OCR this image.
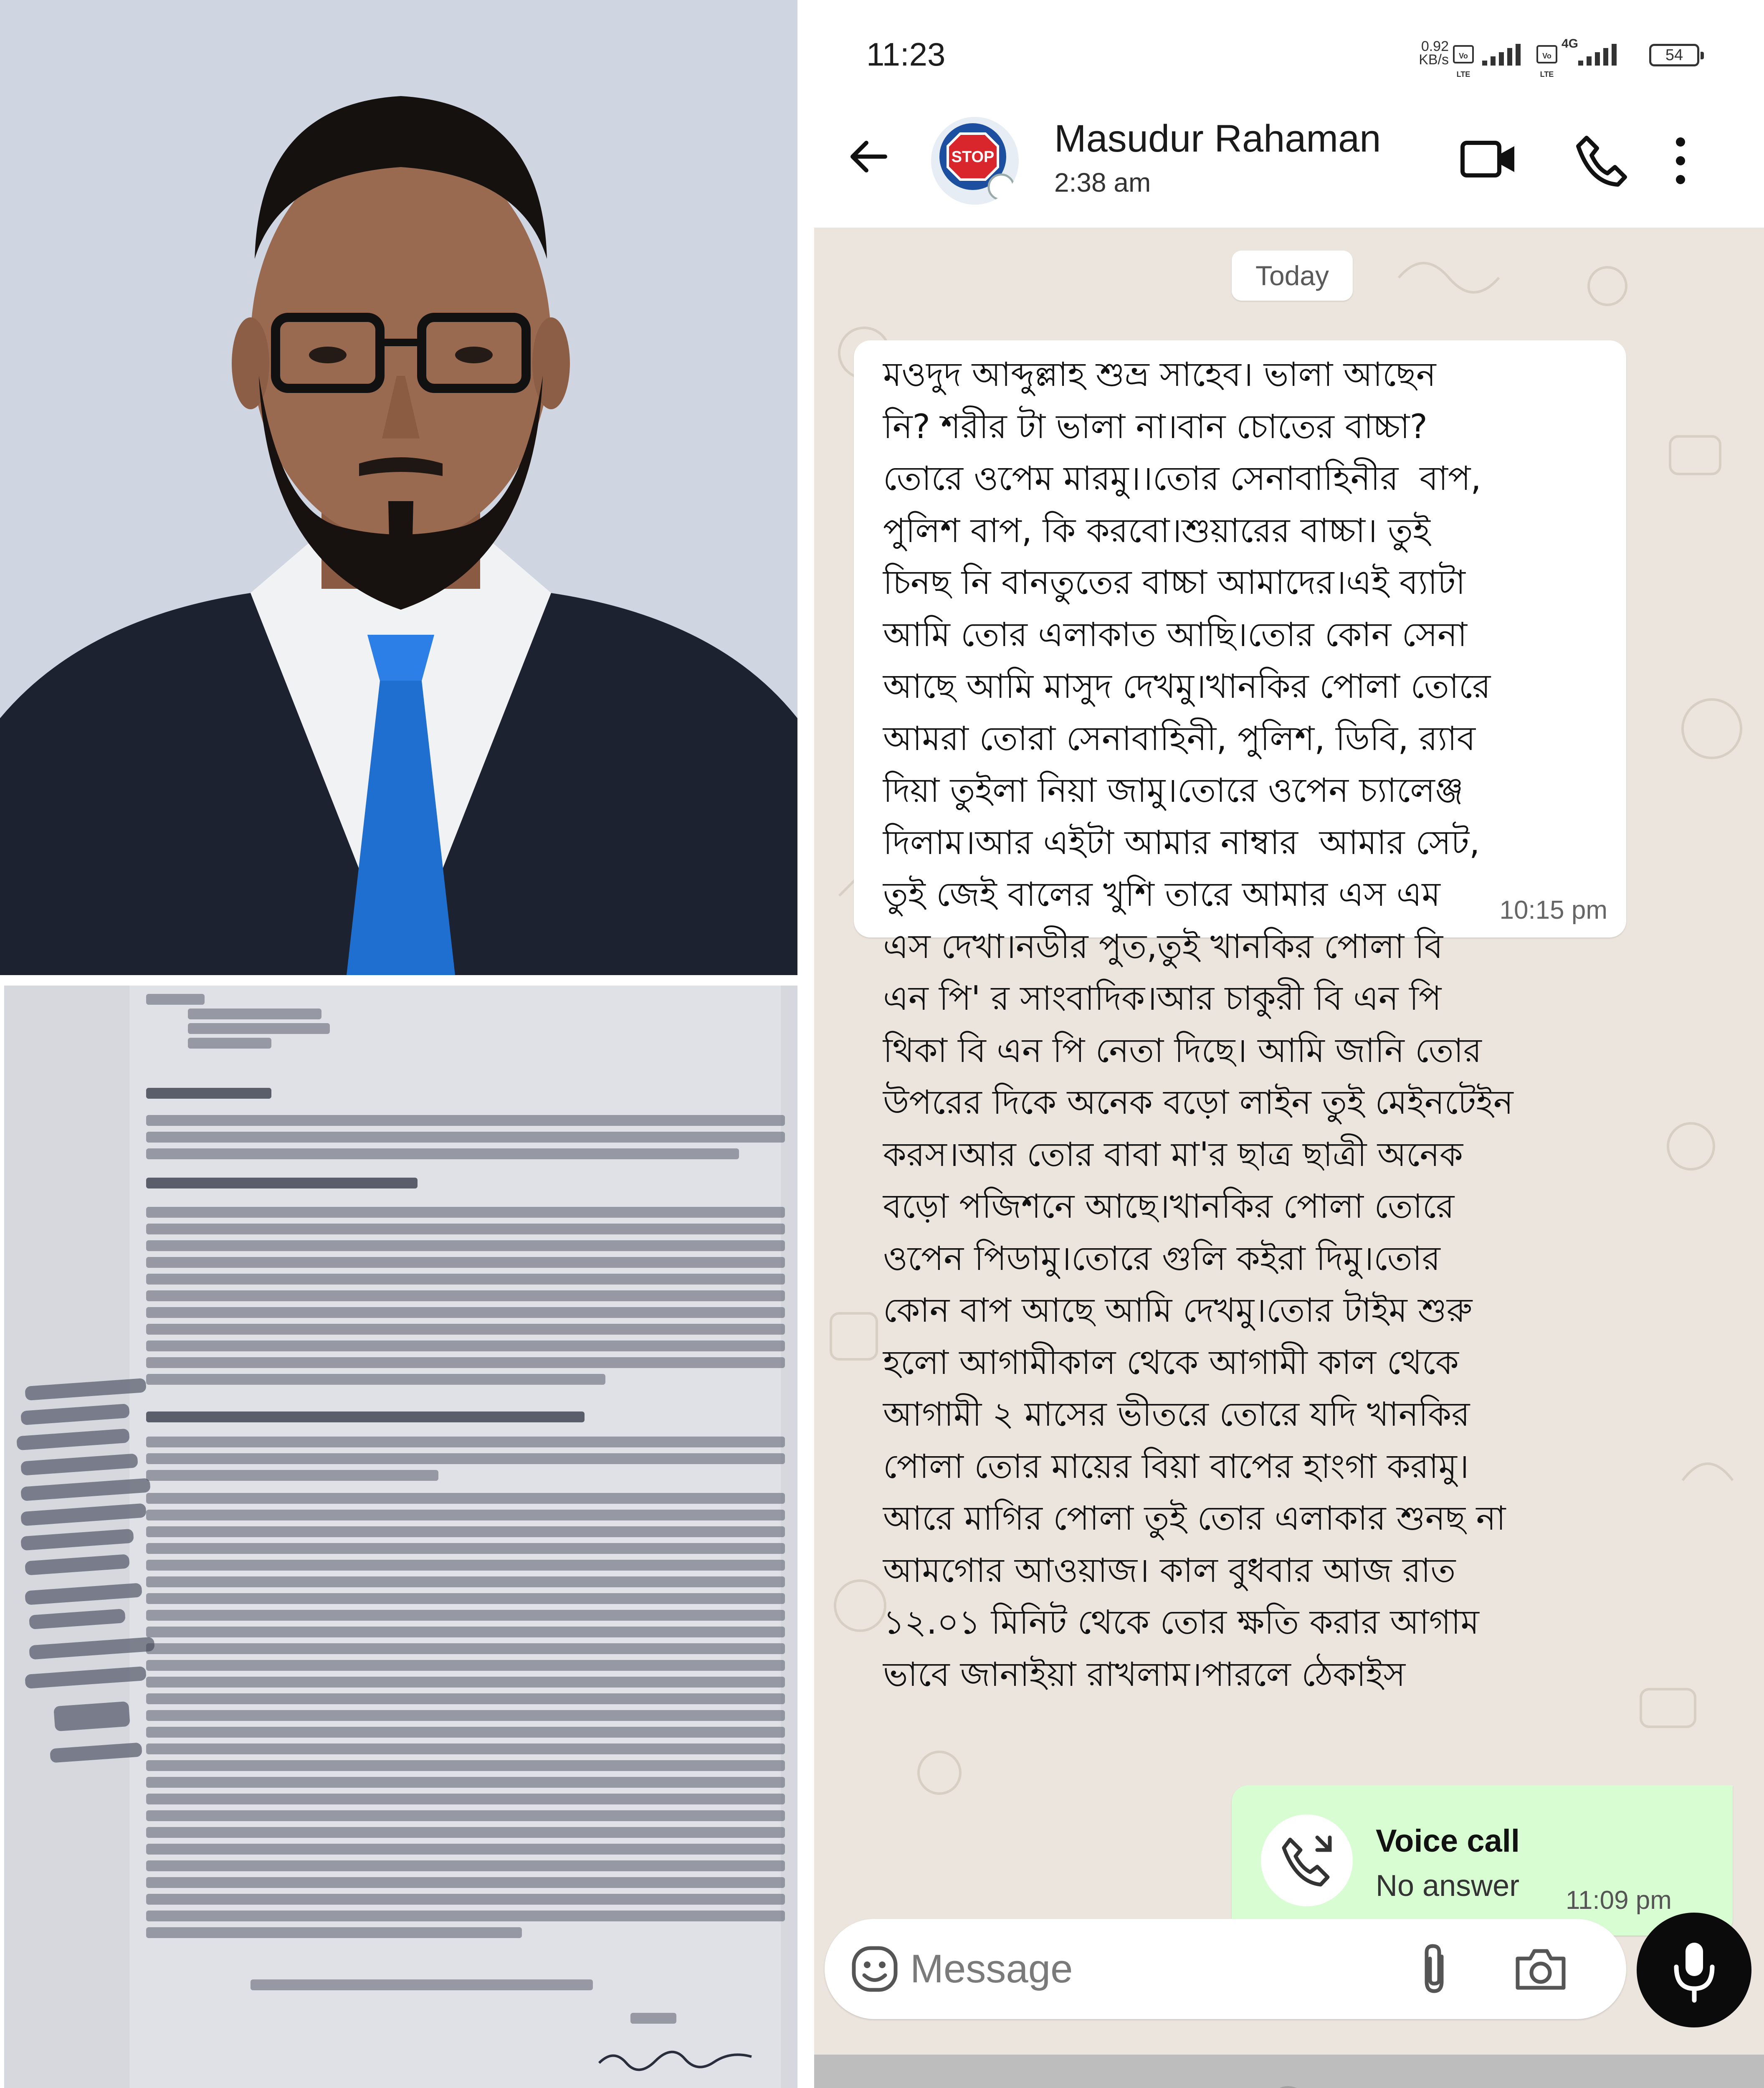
11:23	0.92 KB/s	Vo LTE
Vo LTE
4G
54
STOP Masudur Rahaman
2:38 am
Today

মওদুদ আব্দুল্লাহ শুভ্র সাহেব। ভালা আছেন
নি? শরীর টা ভালা না।বান চোতের বাচ্চা?
তোরে ওপেম মারমু।।তোর সেনাবাহিনীর  বাপ,
পুলিশ বাপ, কি করবো।শুয়ারের বাচ্চা। তুই
চিনছ নি বানতুতের বাচ্চা আমাদের।এই ব্যাটা
আমি তোর এলাকাত আছি।তোর কোন সেনা
আছে আমি মাসুদ দেখমু।খানকির পোলা তোরে
আমরা তোরা সেনাবাহিনী, পুলিশ, ডিবি, র‍্যাব
দিয়া তুইলা নিয়া জামু।তোরে ওপেন চ্যালেঞ্জ
দিলাম।আর এইটা আমার নাম্বার  আমার সেট,
তুই জেই বালের খুশি তারে আমার এস এম
এস দেখা।নডীর পুত,তুই খানকির পোলা বি
এন পি' র সাংবাদিক।আর চাকুরী বি এন পি
থিকা বি এন পি নেতা দিছে। আমি জানি তোর
উপরের দিকে অনেক বড়ো লাইন তুই মেইনটেইন
করস।আর তোর বাবা মা'র ছাত্র ছাত্রী অনেক
বড়ো পজিশনে আছে।খানকির পোলা তোরে
ওপেন পিডামু।তোরে গুলি কইরা দিমু।তোর
কোন বাপ আছে আমি দেখমু।তোর টাইম শুরু
হলো আগামীকাল থেকে আগামী কাল থেকে
আগামী ২ মাসের ভীতরে তোরে যদি খানকির
পোলা তোর মায়ের বিয়া বাপের হাংগা করামু।
আরে মাগির পোলা তুই তোর এলাকার শুনছ না
আমগোর আওয়াজ। কাল বুধবার আজ রাত
১২.০১ মিনিট থেকে তোর ক্ষতি করার আগাম
ভাবে জানাইয়া রাখলাম।পারলে ঠেকাইস

10:15 pm
Voice call
No answer 11:09 pm
Message
